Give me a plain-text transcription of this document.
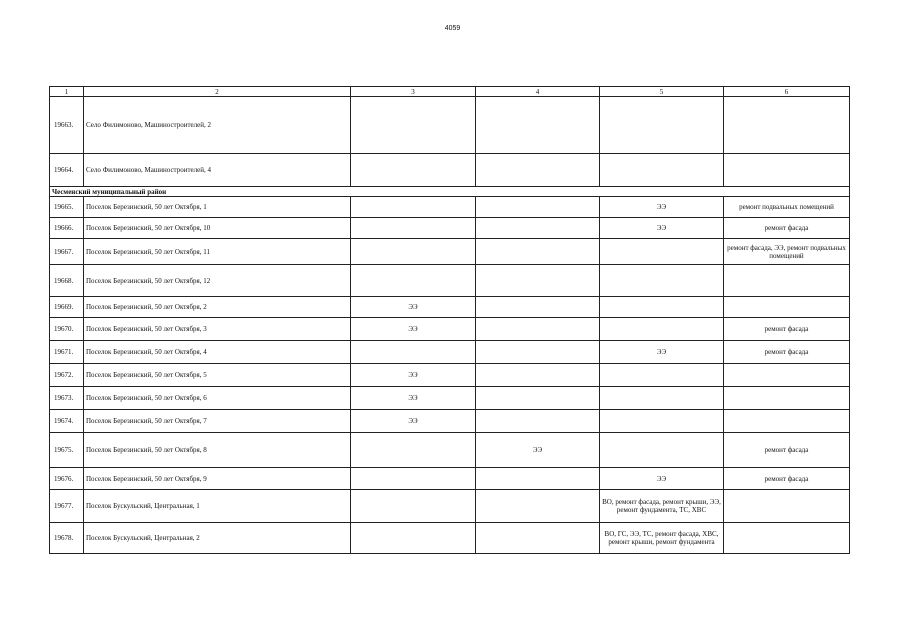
4059
1	2	3	4	5	6
19663.	Село Филимоново, Машиностроителей, 2				
19664.	Село Филимоново, Машиностроителей, 4				
Чесменский муниципальный район					
19665.	Поселок Березинский, 50 лет Октября, 1			ЭЭ	ремонт подвальных помещений
19666.	Поселок Березинский, 50 лет Октября, 10			ЭЭ	ремонт фасада
19667.	Поселок Березинский, 50 лет Октября, 11				ремонт фасада, ЭЭ, ремонт подвальных помещений
19668.	Поселок Березинский, 50 лет Октября, 12				
19669.	Поселок Березинский, 50 лет Октября, 2	ЭЭ			
19670.	Поселок Березинский, 50 лет Октября, 3	ЭЭ			ремонт фасада
19671.	Поселок Березинский, 50 лет Октября, 4			ЭЭ	ремонт фасада
19672.	Поселок Березинский, 50 лет Октября, 5	ЭЭ			
19673.	Поселок Березинский, 50 лет Октября, 6	ЭЭ			
19674.	Поселок Березинский, 50 лет Октября, 7	ЭЭ			
19675.	Поселок Березинский, 50 лет Октября, 8		ЭЭ		ремонт фасада
19676.	Поселок Березинский, 50 лет Октября, 9			ЭЭ	ремонт фасада
19677.	Поселок Бускульский, Центральная, 1			ВО, ремонт фасада, ремонт крыши, ЭЭ, ремонт фундамента, ТС, ХВС	
19678.	Поселок Бускульский, Центральная, 2			ВО, ГС, ЭЭ, ТС, ремонт фасада, ХВС, ремонт крыши, ремонт фундамента	
